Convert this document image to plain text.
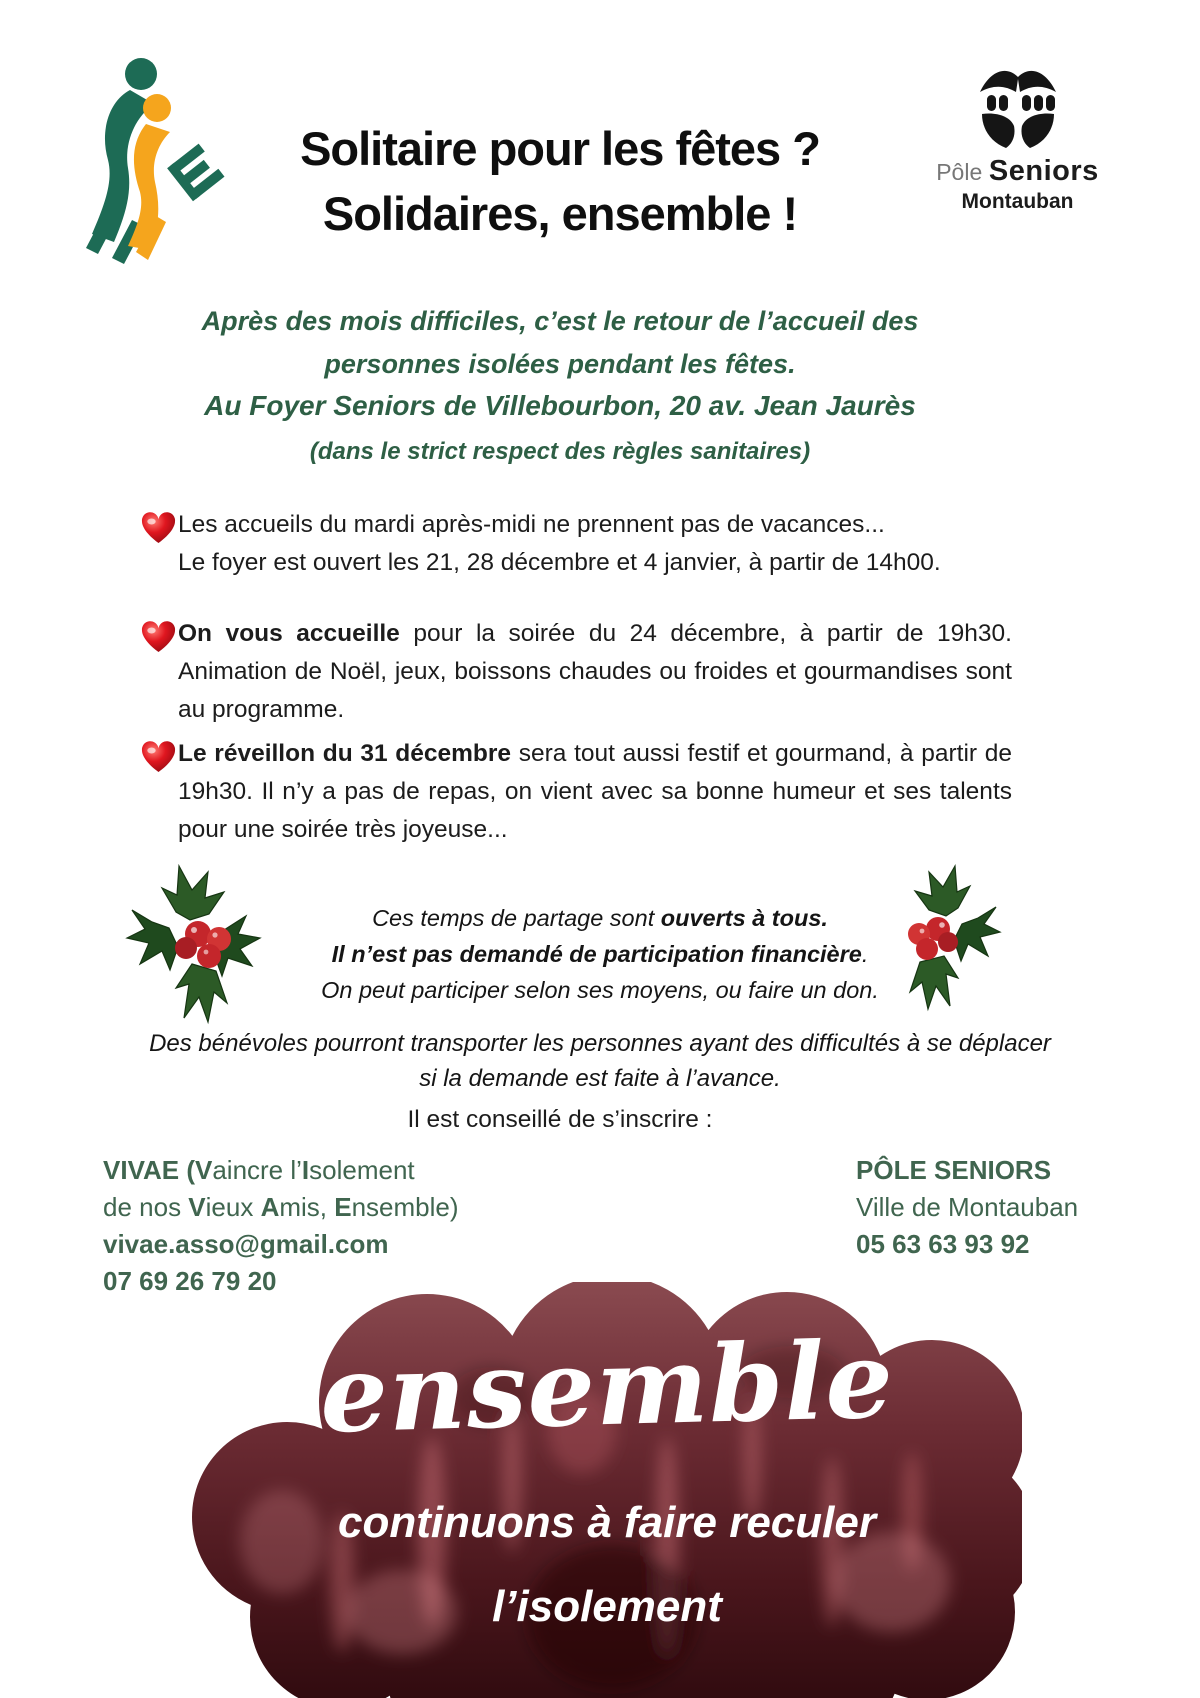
Pôle Seniors
Montauban
Solitaire pour les fêtes ?
Solidaires, ensemble !
Après des mois difficiles, c’est le retour de l’accueil des
personnes isolées pendant les fêtes.
Au Foyer Seniors de Villebourbon, 20 av. Jean Jaurès
(dans le strict respect des règles sanitaires)
Les accueils du mardi après-midi ne prennent pas de vacances...
Le foyer est ouvert les 21, 28 décembre et 4 janvier, à partir de 14h00.
On vous accueille pour la soirée du 24 décembre, à partir de 19h30. Animation de Noël, jeux, boissons chaudes ou froides et gourmandises sont au programme.
Le réveillon du 31 décembre sera tout aussi festif et gourmand, à partir de 19h30. Il n’y a pas de repas, on vient avec sa bonne humeur et ses talents pour une soirée très joyeuse...
Ces temps de partage sont ouverts à tous.
Il n’est pas demandé de participation financière.
On peut participer selon ses moyens, ou faire un don.
Des bénévoles pourront transporter les personnes ayant des difficultés à se déplacer
si la demande est faite à l’avance.
Il est conseillé de s’inscrire :
VIVAE (Vaincre l’Isolement
de nos Vieux Amis, Ensemble)
vivae.asso@gmail.com
07 69 26 79 20
PÔLE SENIORS
Ville de Montauban
05 63 63 93 92
ensemble
continuons à faire reculer
l’isolement
